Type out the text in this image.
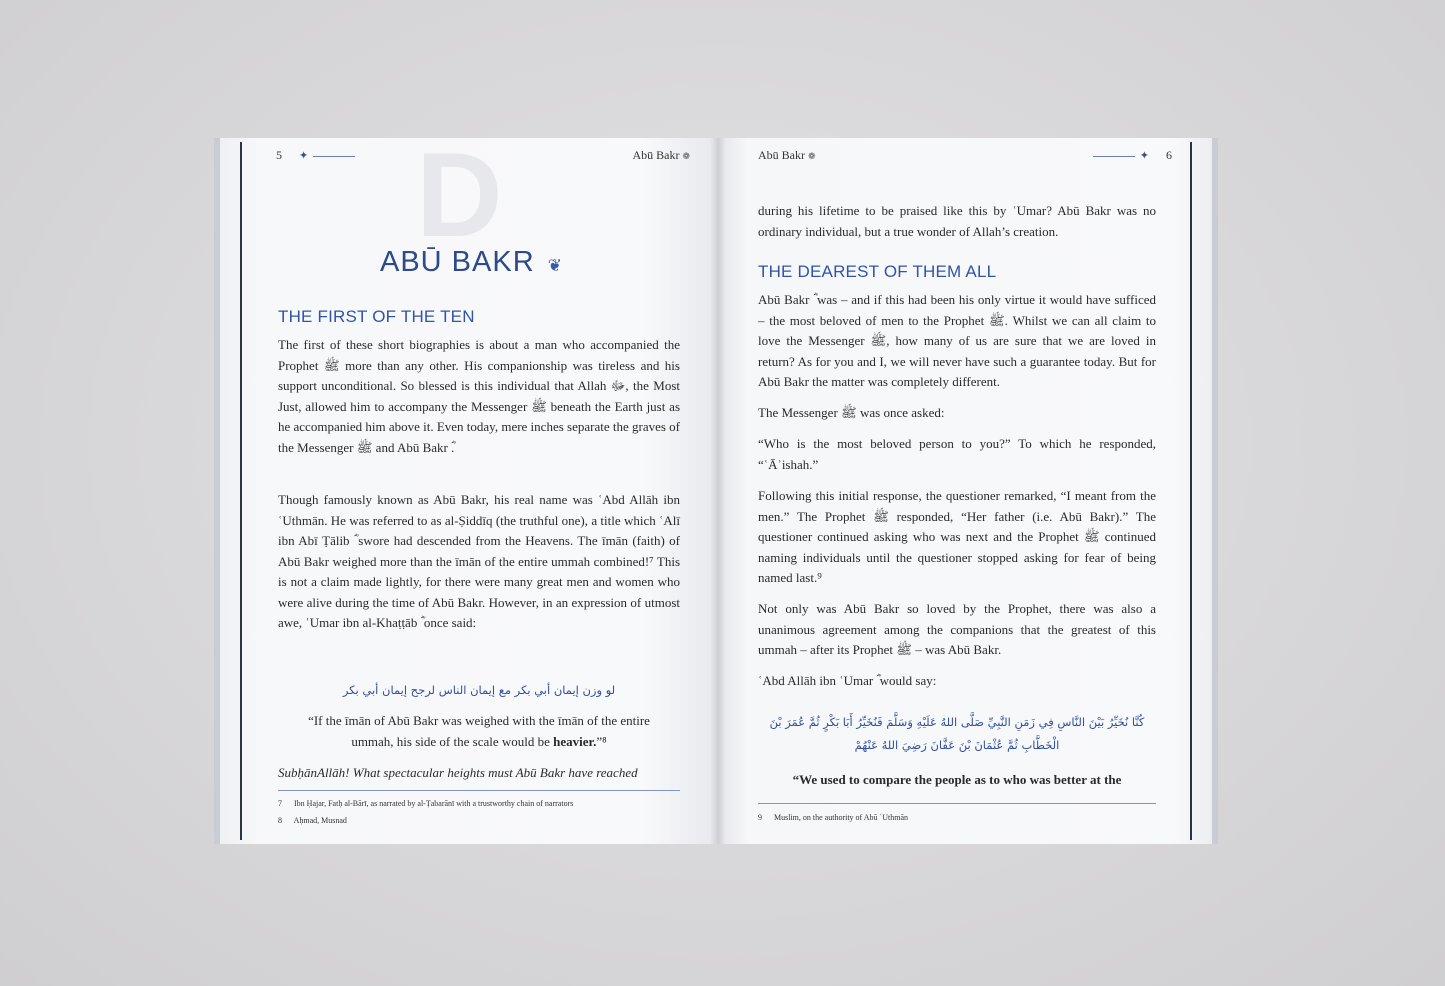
D
5 ✦	Abū Bakr ❁
ABŪ BAKR ❦
THE FIRST OF THE TEN
The first of these short biographies is about a man who accompanied the Prophet ﷺ more than any other. His companionship was tireless and his support unconditional. So blessed is this individual that Allah ﷻ, the Most Just, allowed him to accompany the Messenger ﷺ beneath the Earth just as he accompanied him above it. Even today, mere inches separate the graves of the Messenger ﷺ and Abū Bakr ؓ.
Though famously known as Abū Bakr, his real name was ʿAbd Allāh ibn ʿUthmān. He was referred to as al-Ṣiddīq (the truthful one), a title which ʿAlī ibn Abī Ṭālib ؓ swore had descended from the Heavens. The īmān (faith) of Abū Bakr weighed more than the īmān of the entire ummah combined!⁷ This is not a claim made lightly, for there were many great men and women who were alive during the time of Abū Bakr. However, in an expression of utmost awe, ʿUmar ibn al-Khaṭṭāb ؓ once said:
لو وزن إيمان أبي بكر مع إيمان الناس لرجح إيمان أبي بكر
“If the īmān of Abū Bakr was weighed with the īmān of the entire ummah, his side of the scale would be heavier.”⁸
SubḥānAllāh! What spectacular heights must Abū Bakr have reached
7 Ibn Ḥajar, Fatḥ al-Bārī, as narrated by al-Ṭabarānī with a trustworthy chain of narrators
8 Aḥmad, Musnad
Abū Bakr ❁	✦ 6
during his lifetime to be praised like this by ʿUmar? Abū Bakr was no ordinary individual, but a true wonder of Allah’s creation.
THE DEAREST OF THEM ALL
Abū Bakr ؓ was – and if this had been his only virtue it would have sufficed – the most beloved of men to the Prophet ﷺ. Whilst we can all claim to love the Messenger ﷺ, how many of us are sure that we are loved in return? As for you and I, we will never have such a guarantee today. But for Abū Bakr the matter was completely different.
The Messenger ﷺ was once asked:
“Who is the most beloved person to you?” To which he responded, “ʿĀʾishah.”
Following this initial response, the questioner remarked, “I meant from the men.” The Prophet ﷺ responded, “Her father (i.e. Abū Bakr).” The questioner continued asking who was next and the Prophet ﷺ continued naming individuals until the questioner stopped asking for fear of being named last.⁹
Not only was Abū Bakr so loved by the Prophet, there was also a unanimous agreement among the companions that the greatest of this ummah – after its Prophet ﷺ – was Abū Bakr.
ʿAbd Allāh ibn ʿUmar ؓ would say:
كُنَّا نُخَيِّرُ بَيْنَ النَّاسِ فِي زَمَنِ النَّبِيِّ صَلَّى اللهُ عَلَيْهِ وَسَلَّمَ فَنُخَيِّرُ أَبَا بَكْرٍ ثُمَّ عُمَرَ بْنَ
الْخَطَّابِ ثُمَّ عُثْمَانَ بْنَ عَفَّانَ رَضِيَ اللهُ عَنْهُمْ
“We used to compare the people as to who was better at the
9 Muslim, on the authority of Abū ʿUthmān
